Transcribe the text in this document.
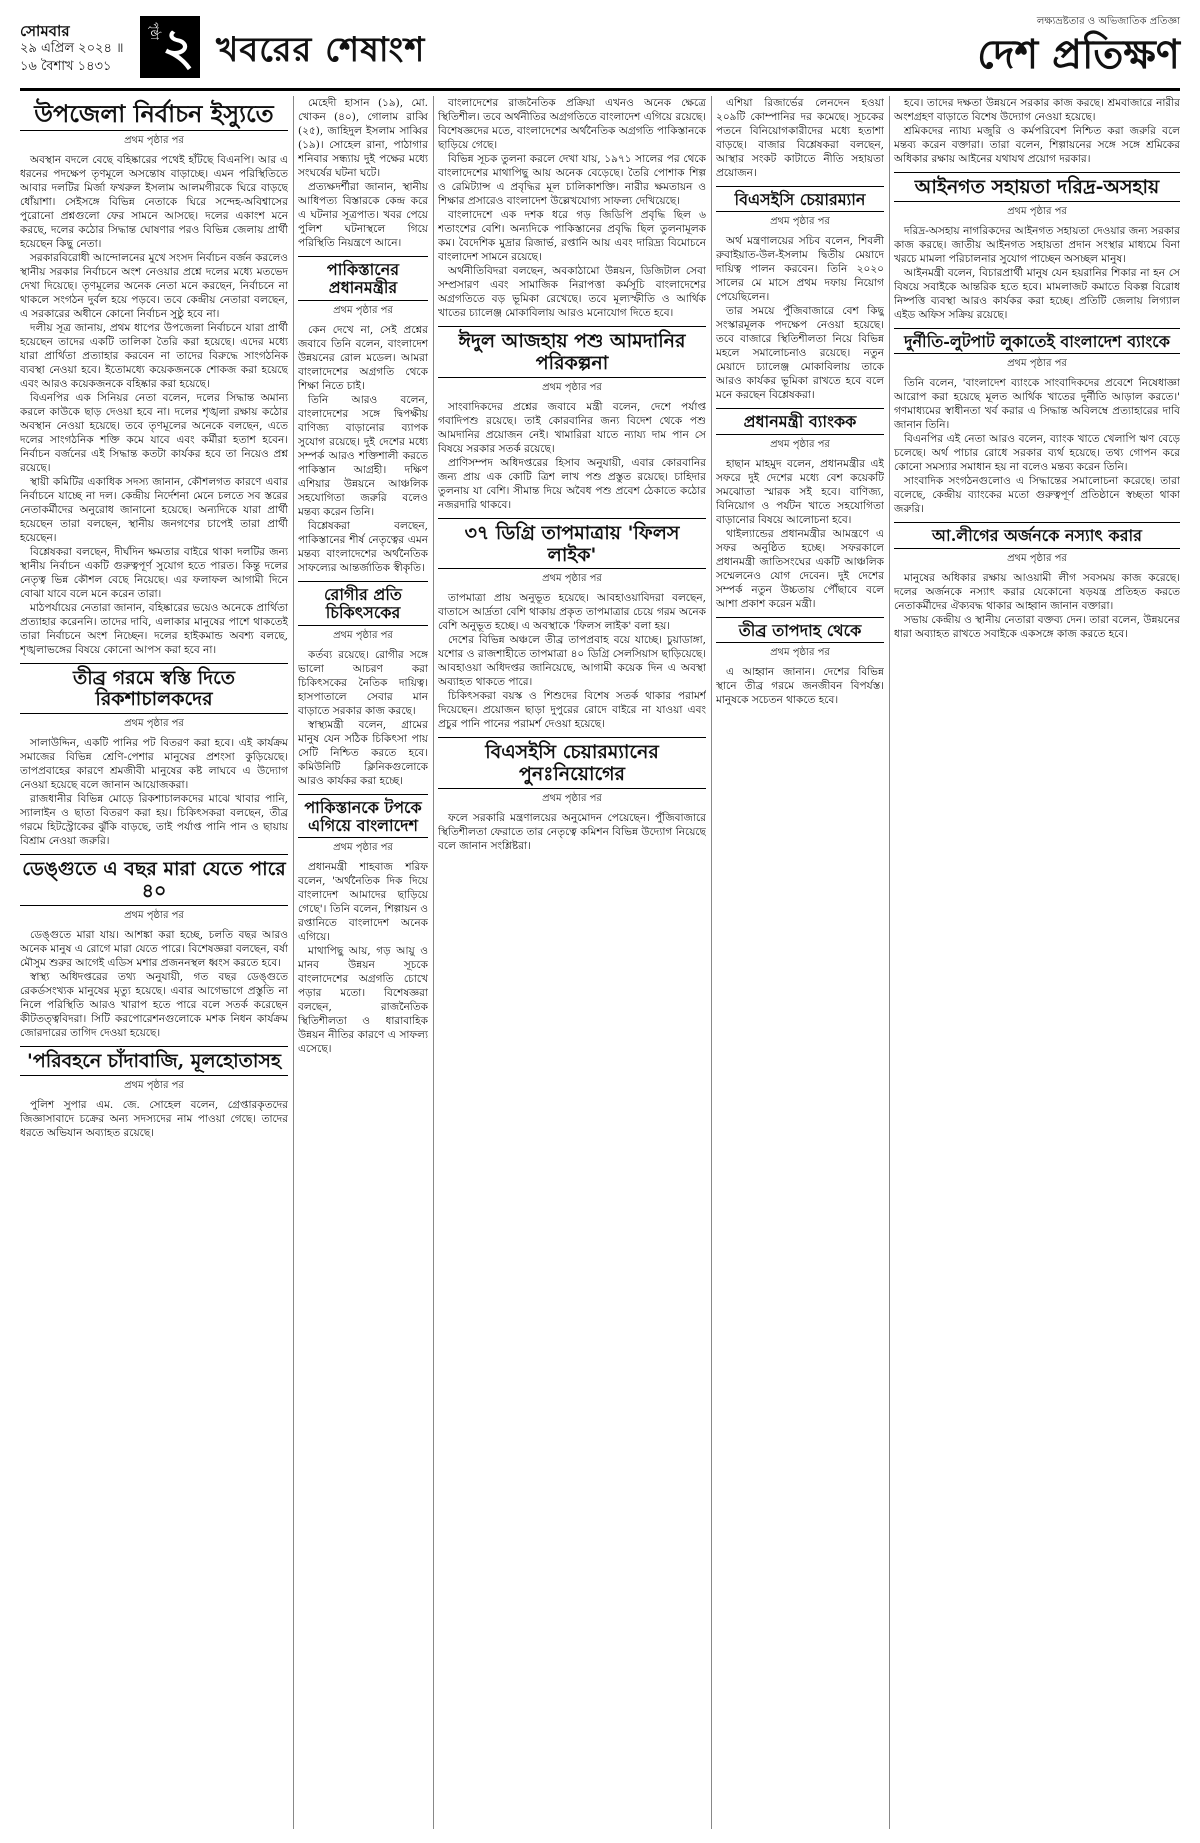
সোমবার
২৯ এপ্রিল ২০২৪ ॥ ১৬ বৈশাখ ১৪৩১
পৃষ্ঠা ২ খবরের শেষাংশ
লক্ষ্যভ্রষ্টতার ও অভিজাতিক প্রতিজ্ঞা
দেশ প্রতিক্ষণ
উপজেলা নির্বাচন ইস্যুতে
প্রথম পৃষ্ঠার পর

অবস্থান বদলে বেছে বহিষ্কারের পথেই হাঁটছে বিএনপি। আর এ ধরনের পদক্ষেপ তৃণমূলে অসন্তোষ বাড়াচ্ছে। এমন পরিস্থিতিতে আবার দলটির মির্জা ফখরুল ইসলাম আলমগীরকে ঘিরে বাড়ছে ধোঁয়াশা। সেইসঙ্গে বিভিন্ন নেতাকে ঘিরে সন্দেহ-অবিশ্বাসের পুরোনো প্রশ্নগুলো ফের সামনে আসছে। দলের একাংশ মনে করছে, দলের কঠোর সিদ্ধান্ত ঘোষণার পরও বিভিন্ন জেলায় প্রার্থী হয়েছেন কিছু নেতা।

সরকারবিরোধী আন্দোলনের মুখে সংসদ নির্বাচন বর্জন করলেও স্থানীয় সরকার নির্বাচনে অংশ নেওয়ার প্রশ্নে দলের মধ্যে মতভেদ দেখা দিয়েছে। তৃণমূলের অনেক নেতা মনে করছেন, নির্বাচনে না থাকলে সংগঠন দুর্বল হয়ে পড়বে। তবে কেন্দ্রীয় নেতারা বলছেন, এ সরকারের অধীনে কোনো নির্বাচন সুষ্ঠু হবে না।

দলীয় সূত্র জানায়, প্রথম ধাপের উপজেলা নির্বাচনে যারা প্রার্থী হয়েছেন তাদের একটি তালিকা তৈরি করা হয়েছে। এদের মধ্যে যারা প্রার্থিতা প্রত্যাহার করবেন না তাদের বিরুদ্ধে সাংগঠনিক ব্যবস্থা নেওয়া হবে। ইতোমধ্যে কয়েকজনকে শোকজ করা হয়েছে এবং আরও কয়েকজনকে বহিষ্কার করা হয়েছে।

বিএনপির এক সিনিয়র নেতা বলেন, দলের সিদ্ধান্ত অমান্য করলে কাউকে ছাড় দেওয়া হবে না। দলের শৃঙ্খলা রক্ষায় কঠোর অবস্থান নেওয়া হয়েছে। তবে তৃণমূলের অনেকে বলছেন, এতে দলের সাংগঠনিক শক্তি কমে যাবে এবং কর্মীরা হতাশ হবেন। নির্বাচন বর্জনের এই সিদ্ধান্ত কতটা কার্যকর হবে তা নিয়েও প্রশ্ন রয়েছে।

স্থায়ী কমিটির একাধিক সদস্য জানান, কৌশলগত কারণে এবার নির্বাচনে যাচ্ছে না দল। কেন্দ্রীয় নির্দেশনা মেনে চলতে সব স্তরের নেতাকর্মীদের অনুরোধ জানানো হয়েছে। অন্যদিকে যারা প্রার্থী হয়েছেন তারা বলছেন, স্থানীয় জনগণের চাপেই তারা প্রার্থী হয়েছেন।

বিশ্লেষকরা বলছেন, দীর্ঘদিন ক্ষমতার বাইরে থাকা দলটির জন্য স্থানীয় নির্বাচন একটি গুরুত্বপূর্ণ সুযোগ হতে পারত। কিন্তু দলের নেতৃত্ব ভিন্ন কৌশল বেছে নিয়েছে। এর ফলাফল আগামী দিনে বোঝা যাবে বলে মনে করেন তারা।

মাঠপর্যায়ের নেতারা জানান, বহিষ্কারের ভয়েও অনেকে প্রার্থিতা প্রত্যাহার করেননি। তাদের দাবি, এলাকার মানুষের পাশে থাকতেই তারা নির্বাচনে অংশ নিচ্ছেন। দলের হাইকমান্ড অবশ্য বলছে, শৃঙ্খলাভঙ্গের বিষয়ে কোনো আপস করা হবে না।

তীব্র গরমে স্বস্তি দিতে রিকশাচালকদের
প্রথম পৃষ্ঠার পর

সালাউদ্দিন, একটি পানির পট বিতরণ করা হবে। এই কার্যক্রম সমাজের বিভিন্ন শ্রেণি-পেশার মানুষের প্রশংসা কুড়িয়েছে। তাপপ্রবাহের কারণে শ্রমজীবী মানুষের কষ্ট লাঘবে এ উদ্যোগ নেওয়া হয়েছে বলে জানান আয়োজকরা।

রাজধানীর বিভিন্ন মোড়ে রিকশাচালকদের মাঝে খাবার পানি, স্যালাইন ও ছাতা বিতরণ করা হয়। চিকিৎসকরা বলছেন, তীব্র গরমে হিটস্ট্রোকের ঝুঁকি বাড়ছে, তাই পর্যাপ্ত পানি পান ও ছায়ায় বিশ্রাম নেওয়া জরুরি।

ডেঙ্গুতে এ বছর মারা যেতে পারে ৪০
প্রথম পৃষ্ঠার পর

ডেঙ্গুতে মারা যায়। আশঙ্কা করা হচ্ছে, চলতি বছর আরও অনেক মানুষ এ রোগে মারা যেতে পারে। বিশেষজ্ঞরা বলছেন, বর্ষা মৌসুম শুরুর আগেই এডিস মশার প্রজননস্থল ধ্বংস করতে হবে।

স্বাস্থ্য অধিদপ্তরের তথ্য অনুযায়ী, গত বছর ডেঙ্গুতে রেকর্ডসংখ্যক মানুষের মৃত্যু হয়েছে। এবার আগেভাগে প্রস্তুতি না নিলে পরিস্থিতি আরও খারাপ হতে পারে বলে সতর্ক করেছেন কীটতত্ত্ববিদরা। সিটি করপোরেশনগুলোকে মশক নিধন কার্যক্রম জোরদারের তাগিদ দেওয়া হয়েছে।

'পরিবহনে চাঁদাবাজি, মূলহোতাসহ
প্রথম পৃষ্ঠার পর

পুলিশ সুপার এম. জে. সোহেল বলেন, গ্রেপ্তারকৃতদের জিজ্ঞাসাবাদে চক্রের অন্য সদস্যদের নাম পাওয়া গেছে। তাদের ধরতে অভিযান অব্যাহত রয়েছে।

মেহেদী হাসান (১৯), মো. খোকন (৪০), গোলাম রাব্বি (২৫), জাহিদুল ইসলাম সাব্বির (১৯)। সোহেল রানা, পাঠাগার শনিবার সন্ধ্যায় দুই পক্ষের মধ্যে সংঘর্ষের ঘটনা ঘটে।

প্রত্যক্ষদর্শীরা জানান, স্থানীয় আধিপত্য বিস্তারকে কেন্দ্র করে এ ঘটনার সূত্রপাত। খবর পেয়ে পুলিশ ঘটনাস্থলে গিয়ে পরিস্থিতি নিয়ন্ত্রণে আনে।

পাকিস্তানের প্রধানমন্ত্রীর
প্রথম পৃষ্ঠার পর

কেন দেখে না, সেই প্রশ্নের জবাবে তিনি বলেন, বাংলাদেশ উন্নয়নের রোল মডেল। আমরা বাংলাদেশের অগ্রগতি থেকে শিক্ষা নিতে চাই।

তিনি আরও বলেন, বাংলাদেশের সঙ্গে দ্বিপক্ষীয় বাণিজ্য বাড়ানোর ব্যাপক সুযোগ রয়েছে। দুই দেশের মধ্যে সম্পর্ক আরও শক্তিশালী করতে পাকিস্তান আগ্রহী। দক্ষিণ এশিয়ার উন্নয়নে আঞ্চলিক সহযোগিতা জরুরি বলেও মন্তব্য করেন তিনি।

বিশ্লেষকরা বলছেন, পাকিস্তানের শীর্ষ নেতৃত্বের এমন মন্তব্য বাংলাদেশের অর্থনৈতিক সাফল্যের আন্তর্জাতিক স্বীকৃতি।

রোগীর প্রতি চিকিৎসকের
প্রথম পৃষ্ঠার পর

কর্তব্য রয়েছে। রোগীর সঙ্গে ভালো আচরণ করা চিকিৎসকের নৈতিক দায়িত্ব। হাসপাতালে সেবার মান বাড়াতে সরকার কাজ করছে।

স্বাস্থ্যমন্ত্রী বলেন, গ্রামের মানুষ যেন সঠিক চিকিৎসা পায় সেটি নিশ্চিত করতে হবে। কমিউনিটি ক্লিনিকগুলোকে আরও কার্যকর করা হচ্ছে।

পাকিস্তানকে টপকে এগিয়ে বাংলাদেশ
প্রথম পৃষ্ঠার পর

প্রধানমন্ত্রী শাহবাজ শরিফ বলেন, 'অর্থনৈতিক দিক দিয়ে বাংলাদেশ আমাদের ছাড়িয়ে গেছে'। তিনি বলেন, শিল্পায়ন ও রপ্তানিতে বাংলাদেশ অনেক এগিয়ে।

মাথাপিছু আয়, গড় আয়ু ও মানব উন্নয়ন সূচকে বাংলাদেশের অগ্রগতি চোখে পড়ার মতো। বিশেষজ্ঞরা বলছেন, রাজনৈতিক স্থিতিশীলতা ও ধারাবাহিক উন্নয়ন নীতির কারণে এ সাফল্য এসেছে।

বাংলাদেশের রাজনৈতিক প্রক্রিয়া এখনও অনেক ক্ষেত্রে স্থিতিশীল। তবে অর্থনীতির অগ্রগতিতে বাংলাদেশ এগিয়ে রয়েছে। বিশেষজ্ঞদের মতে, বাংলাদেশের অর্থনৈতিক অগ্রগতি পাকিস্তানকে ছাড়িয়ে গেছে।

বিভিন্ন সূচক তুলনা করলে দেখা যায়, ১৯৭১ সালের পর থেকে বাংলাদেশের মাথাপিছু আয় অনেক বেড়েছে। তৈরি পোশাক শিল্প ও রেমিট্যান্স এ প্রবৃদ্ধির মূল চালিকাশক্তি। নারীর ক্ষমতায়ন ও শিক্ষার প্রসারেও বাংলাদেশ উল্লেখযোগ্য সাফল্য দেখিয়েছে।

বাংলাদেশে এক দশক ধরে গড় জিডিপি প্রবৃদ্ধি ছিল ৬ শতাংশের বেশি। অন্যদিকে পাকিস্তানের প্রবৃদ্ধি ছিল তুলনামূলক কম। বৈদেশিক মুদ্রার রিজার্ভ, রপ্তানি আয় এবং দারিদ্র্য বিমোচনে বাংলাদেশ সামনে রয়েছে।

অর্থনীতিবিদরা বলছেন, অবকাঠামো উন্নয়ন, ডিজিটাল সেবা সম্প্রসারণ এবং সামাজিক নিরাপত্তা কর্মসূচি বাংলাদেশের অগ্রগতিতে বড় ভূমিকা রেখেছে। তবে মূল্যস্ফীতি ও আর্থিক খাতের চ্যালেঞ্জ মোকাবিলায় আরও মনোযোগ দিতে হবে।

ঈদুল আজহায় পশু আমদানির পরিকল্পনা
প্রথম পৃষ্ঠার পর

সাংবাদিকদের প্রশ্নের জবাবে মন্ত্রী বলেন, দেশে পর্যাপ্ত গবাদিপশু রয়েছে। তাই কোরবানির জন্য বিদেশ থেকে পশু আমদানির প্রয়োজন নেই। খামারিরা যাতে ন্যায্য দাম পান সে বিষয়ে সরকার সতর্ক রয়েছে।

প্রাণিসম্পদ অধিদপ্তরের হিসাব অনুযায়ী, এবার কোরবানির জন্য প্রায় এক কোটি ত্রিশ লাখ পশু প্রস্তুত রয়েছে। চাহিদার তুলনায় যা বেশি। সীমান্ত দিয়ে অবৈধ পশু প্রবেশ ঠেকাতে কঠোর নজরদারি থাকবে।

৩৭ ডিগ্রি তাপমাত্রায় 'ফিলস লাইক'
প্রথম পৃষ্ঠার পর

তাপমাত্রা প্রায় অনুভূত হয়েছে। আবহাওয়াবিদরা বলছেন, বাতাসে আর্দ্রতা বেশি থাকায় প্রকৃত তাপমাত্রার চেয়ে গরম অনেক বেশি অনুভূত হচ্ছে। এ অবস্থাকে 'ফিলস লাইক' বলা হয়।

দেশের বিভিন্ন অঞ্চলে তীব্র তাপপ্রবাহ বয়ে যাচ্ছে। চুয়াডাঙ্গা, যশোর ও রাজশাহীতে তাপমাত্রা ৪০ ডিগ্রি সেলসিয়াস ছাড়িয়েছে। আবহাওয়া অধিদপ্তর জানিয়েছে, আগামী কয়েক দিন এ অবস্থা অব্যাহত থাকতে পারে।

চিকিৎসকরা বয়স্ক ও শিশুদের বিশেষ সতর্ক থাকার পরামর্শ দিয়েছেন। প্রয়োজন ছাড়া দুপুরের রোদে বাইরে না যাওয়া এবং প্রচুর পানি পানের পরামর্শ দেওয়া হয়েছে।

বিএসইসি চেয়ারম্যানের পুনঃনিয়োগের
প্রথম পৃষ্ঠার পর

ফলে সরকারি মন্ত্রণালয়ের অনুমোদন পেয়েছেন। পুঁজিবাজারে স্থিতিশীলতা ফেরাতে তার নেতৃত্বে কমিশন বিভিন্ন উদ্যোগ নিয়েছে বলে জানান সংশ্লিষ্টরা।

এশিয়া রিজার্ভের লেনদেন হওয়া ২০৯টি কোম্পানির দর কমেছে। সূচকের পতনে বিনিয়োগকারীদের মধ্যে হতাশা বাড়ছে। বাজার বিশ্লেষকরা বলছেন, আস্থার সংকট কাটাতে নীতি সহায়তা প্রয়োজন।

বিএসইসি চেয়ারম্যান
প্রথম পৃষ্ঠার পর

অর্থ মন্ত্রণালয়ের সচিব বলেন, শিবলী রুবাইয়াত-উল-ইসলাম দ্বিতীয় মেয়াদে দায়িত্ব পালন করবেন। তিনি ২০২০ সালের মে মাসে প্রথম দফায় নিয়োগ পেয়েছিলেন।

তার সময়ে পুঁজিবাজারে বেশ কিছু সংস্কারমূলক পদক্ষেপ নেওয়া হয়েছে। তবে বাজারে স্থিতিশীলতা নিয়ে বিভিন্ন মহলে সমালোচনাও রয়েছে। নতুন মেয়াদে চ্যালেঞ্জ মোকাবিলায় তাকে আরও কার্যকর ভূমিকা রাখতে হবে বলে মনে করছেন বিশ্লেষকরা।

প্রধানমন্ত্রী ব্যাংকক
প্রথম পৃষ্ঠার পর

হাছান মাহমুদ বলেন, প্রধানমন্ত্রীর এই সফরে দুই দেশের মধ্যে বেশ কয়েকটি সমঝোতা স্মারক সই হবে। বাণিজ্য, বিনিয়োগ ও পর্যটন খাতে সহযোগিতা বাড়ানোর বিষয়ে আলোচনা হবে।

থাইল্যান্ডের প্রধানমন্ত্রীর আমন্ত্রণে এ সফর অনুষ্ঠিত হচ্ছে। সফরকালে প্রধানমন্ত্রী জাতিসংঘের একটি আঞ্চলিক সম্মেলনেও যোগ দেবেন। দুই দেশের সম্পর্ক নতুন উচ্চতায় পৌঁছাবে বলে আশা প্রকাশ করেন মন্ত্রী।

তীব্র তাপদাহ থেকে
প্রথম পৃষ্ঠার পর

এ আহ্বান জানান। দেশের বিভিন্ন স্থানে তীব্র গরমে জনজীবন বিপর্যস্ত। মানুষকে সচেতন থাকতে হবে।

হবে। তাদের দক্ষতা উন্নয়নে সরকার কাজ করছে। শ্রমবাজারে নারীর অংশগ্রহণ বাড়াতে বিশেষ উদ্যোগ নেওয়া হয়েছে।

শ্রমিকদের ন্যায্য মজুরি ও কর্মপরিবেশ নিশ্চিত করা জরুরি বলে মন্তব্য করেন বক্তারা। তারা বলেন, শিল্পায়নের সঙ্গে সঙ্গে শ্রমিকের অধিকার রক্ষায় আইনের যথাযথ প্রয়োগ দরকার।

আইনগত সহায়তা দরিদ্র-অসহায়
প্রথম পৃষ্ঠার পর

দরিদ্র-অসহায় নাগরিকদের আইনগত সহায়তা দেওয়ার জন্য সরকার কাজ করছে। জাতীয় আইনগত সহায়তা প্রদান সংস্থার মাধ্যমে বিনা খরচে মামলা পরিচালনার সুযোগ পাচ্ছেন অসচ্ছল মানুষ।

আইনমন্ত্রী বলেন, বিচারপ্রার্থী মানুষ যেন হয়রানির শিকার না হন সে বিষয়ে সবাইকে আন্তরিক হতে হবে। মামলাজট কমাতে বিকল্প বিরোধ নিষ্পত্তি ব্যবস্থা আরও কার্যকর করা হচ্ছে। প্রতিটি জেলায় লিগ্যাল এইড অফিস সক্রিয় রয়েছে।

দুর্নীতি-লুটপাট লুকাতেই বাংলাদেশ ব্যাংকে
প্রথম পৃষ্ঠার পর

তিনি বলেন, 'বাংলাদেশ ব্যাংকে সাংবাদিকদের প্রবেশে নিষেধাজ্ঞা আরোপ করা হয়েছে মূলত আর্থিক খাতের দুর্নীতি আড়াল করতে।' গণমাধ্যমের স্বাধীনতা খর্ব করার এ সিদ্ধান্ত অবিলম্বে প্রত্যাহারের দাবি জানান তিনি।

বিএনপির এই নেতা আরও বলেন, ব্যাংক খাতে খেলাপি ঋণ বেড়ে চলেছে। অর্থ পাচার রোধে সরকার ব্যর্থ হয়েছে। তথ্য গোপন করে কোনো সমস্যার সমাধান হয় না বলেও মন্তব্য করেন তিনি।

সাংবাদিক সংগঠনগুলোও এ সিদ্ধান্তের সমালোচনা করেছে। তারা বলেছে, কেন্দ্রীয় ব্যাংকের মতো গুরুত্বপূর্ণ প্রতিষ্ঠানে স্বচ্ছতা থাকা জরুরি।

আ.লীগের অর্জনকে নস্যাৎ করার
প্রথম পৃষ্ঠার পর

মানুষের অধিকার রক্ষায় আওয়ামী লীগ সবসময় কাজ করেছে। দলের অর্জনকে নস্যাৎ করার যেকোনো ষড়যন্ত্র প্রতিহত করতে নেতাকর্মীদের ঐক্যবদ্ধ থাকার আহ্বান জানান বক্তারা।

সভায় কেন্দ্রীয় ও স্থানীয় নেতারা বক্তব্য দেন। তারা বলেন, উন্নয়নের ধারা অব্যাহত রাখতে সবাইকে একসঙ্গে কাজ করতে হবে।
